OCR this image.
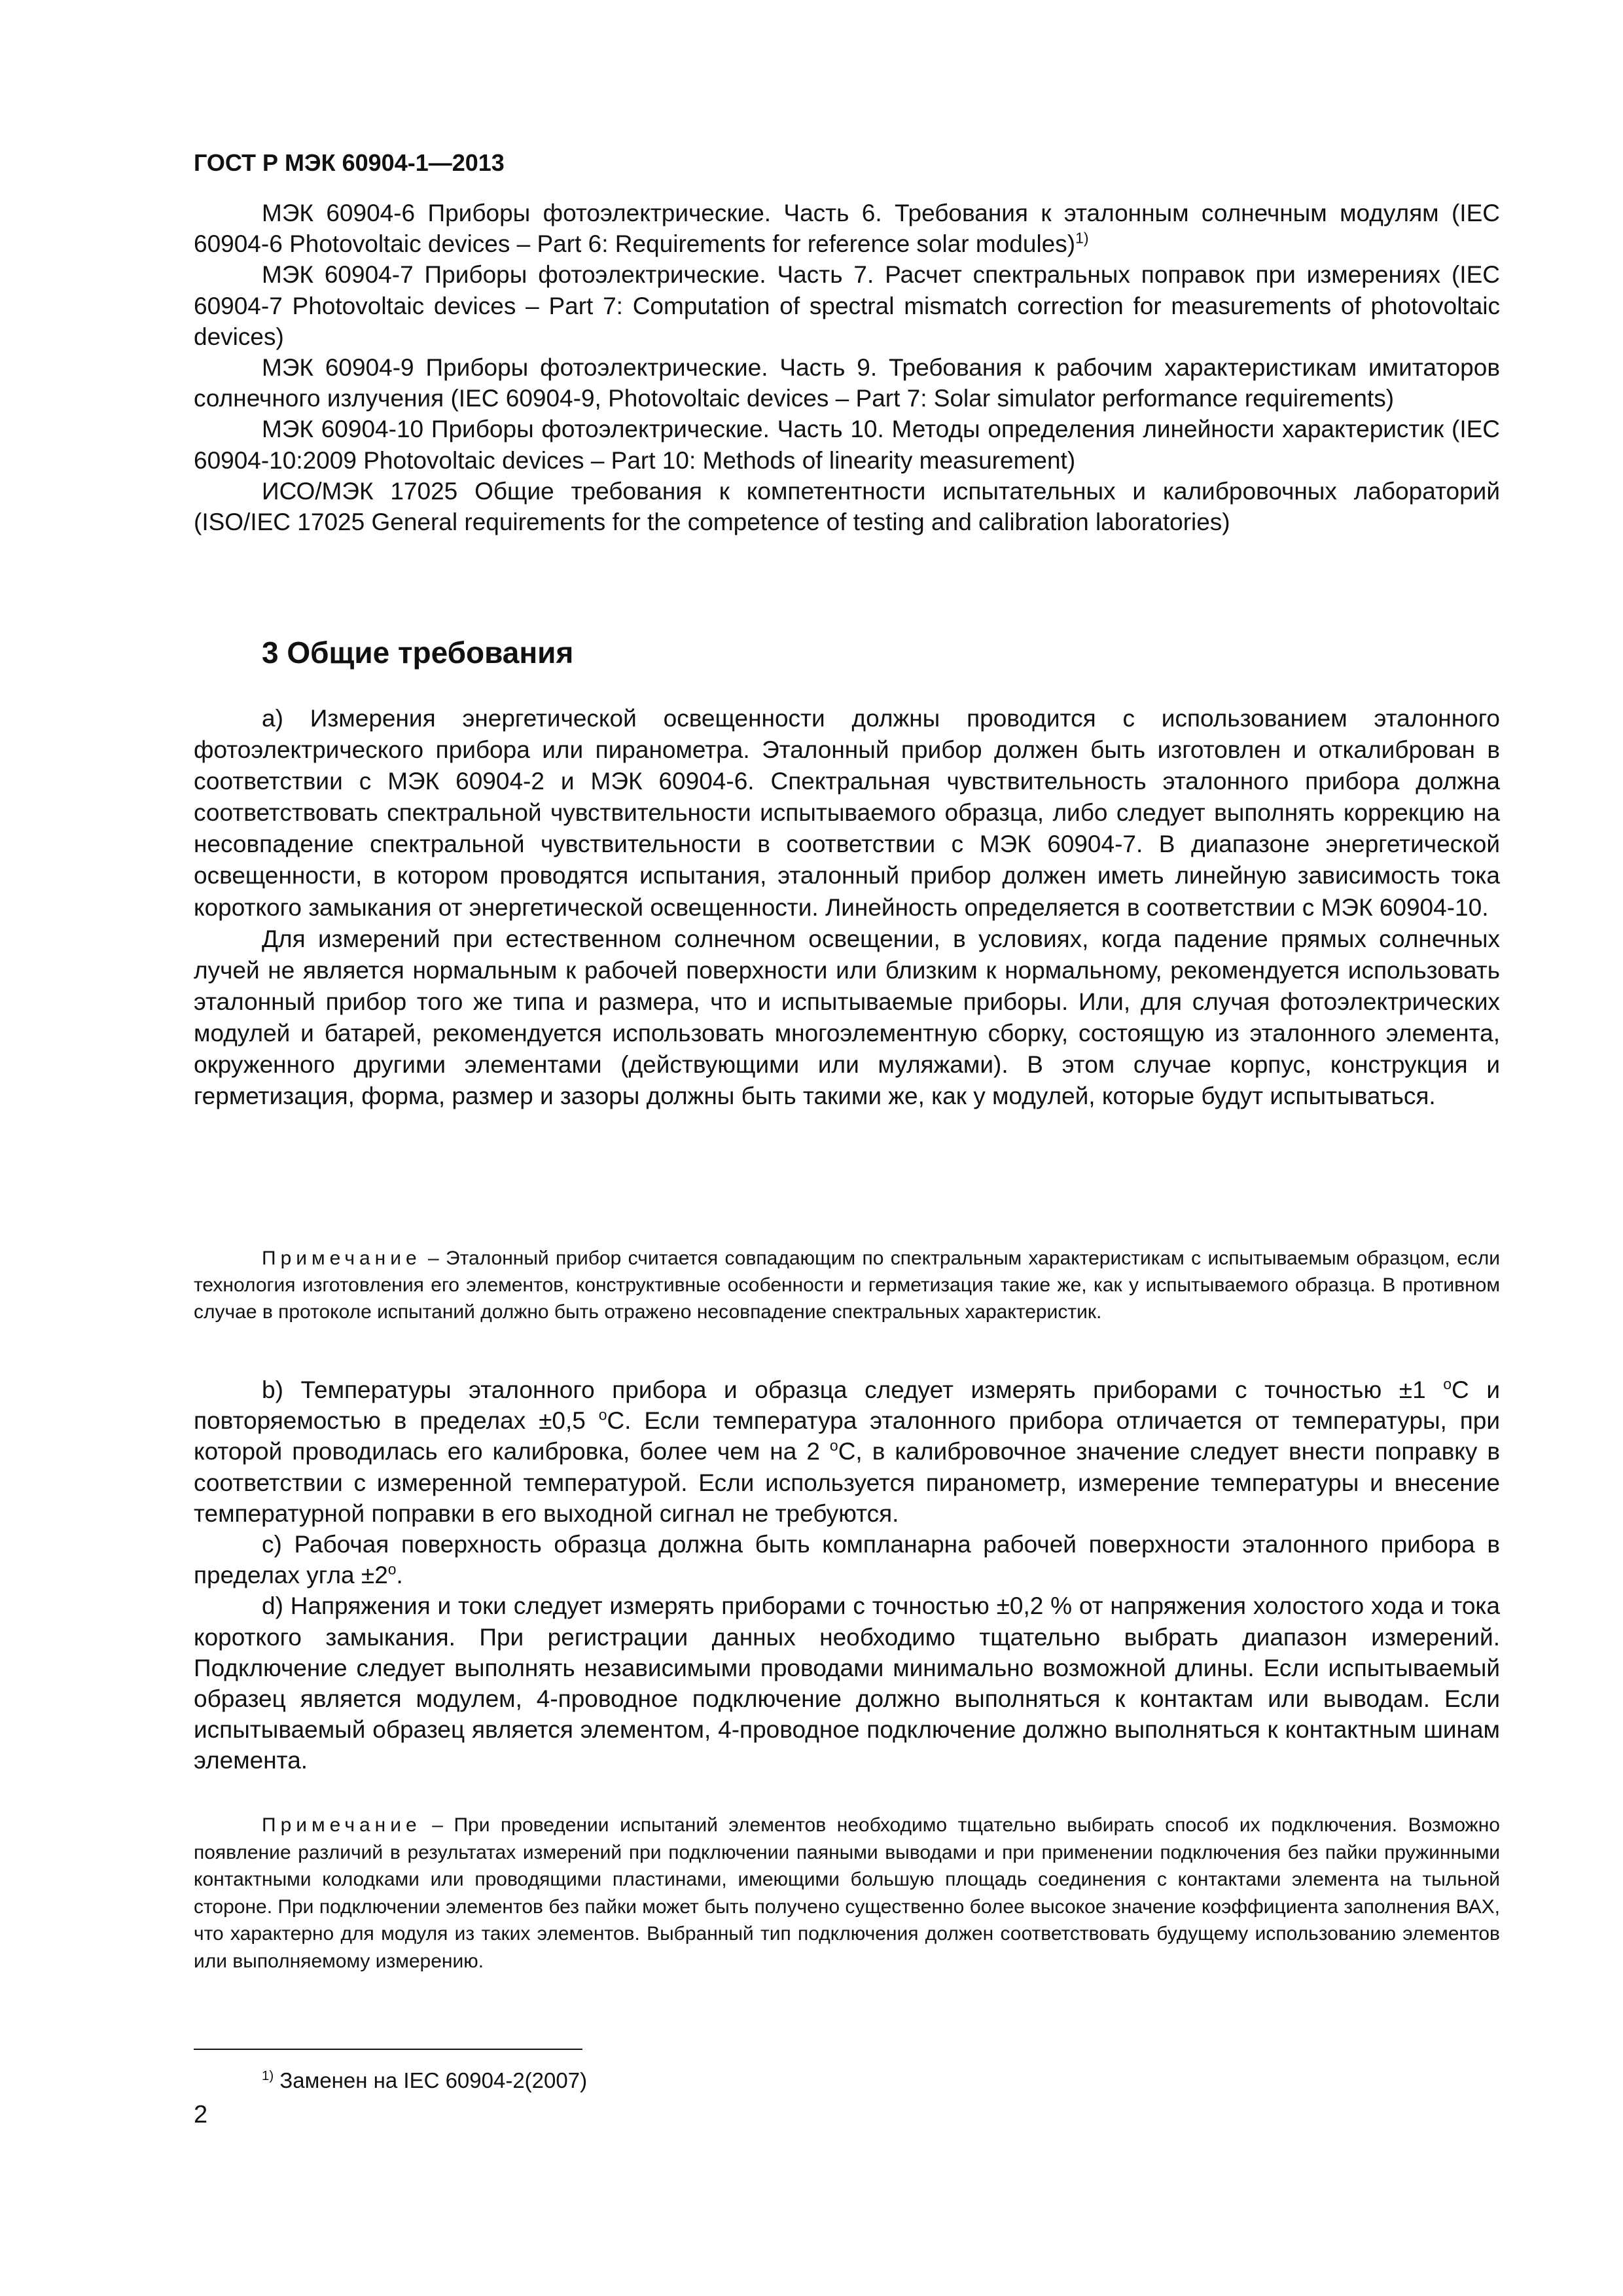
ГОСТ Р МЭК 60904-1—2013

МЭК 60904-6 Приборы фотоэлектрические. Часть 6. Требования к эталонным солнечным модулям (IEC 60904-6 Photovoltaic devices – Part 6: Requirements for reference solar modules)$^{1)}$

МЭК 60904-7 Приборы фотоэлектрические. Часть 7. Расчет спектральных поправок при измерениях (IEC 60904-7 Photovoltaic devices – Part 7: Computation of spectral mismatch correction for measurements of photovoltaic devices)

МЭК 60904-9 Приборы фотоэлектрические. Часть 9. Требования к рабочим характеристикам имитаторов солнечного излучения (IEC 60904-9, Photovoltaic devices – Part 7: Solar simulator performance requirements)

МЭК 60904-10 Приборы фотоэлектрические. Часть 10. Методы определения линейности характеристик (IEC 60904-10:2009 Photovoltaic devices – Part 10: Methods of linearity measurement)

ИСО/МЭК 17025 Общие требования к компетентности испытательных и калибровочных лабораторий (ISO/IEC 17025 General requirements for the competence of testing and calibration laboratories)

3 Общие требования

a) Измерения энергетической освещенности должны проводится с использованием эталонного фотоэлектрического прибора или пиранометра. Эталонный прибор должен быть изготовлен и откалиброван в соответствии с МЭК 60904-2 и МЭК 60904-6. Спектральная чувствительность эталонного прибора должна соответствовать спектральной чувствительности испытываемого образца, либо следует выполнять коррекцию на несовпадение спектральной чувствительности в соответствии с МЭК 60904-7. В диапазоне энергетической освещенности, в котором проводятся испытания, эталонный прибор должен иметь линейную зависимость тока короткого замыкания от энергетической освещенности. Линейность определяется в соответствии с МЭК 60904-10.

Для измерений при естественном солнечном освещении, в условиях, когда падение прямых солнечных лучей не является нормальным к рабочей поверхности или близким к нормальному, рекомендуется использовать эталонный прибор того же типа и размера, что и испытываемые приборы. Или, для случая фотоэлектрических модулей и батарей, рекомендуется использовать многоэлементную сборку, состоящую из эталонного элемента, окруженного другими элементами (действующими или муляжами). В этом случае корпус, конструкция и герметизация, форма, размер и зазоры должны быть такими же, как у модулей, которые будут испытываться.

Примечание – Эталонный прибор считается совпадающим по спектральным характеристикам с испытываемым образцом, если технология изготовления его элементов, конструктивные особенности и герметизация такие же, как у испытываемого образца. В противном случае в протоколе испытаний должно быть отражено несовпадение спектральных характеристик.

b) Температуры эталонного прибора и образца следует измерять приборами с точностью ±1 $^o$С и повторяемостью в пределах ±0,5 $^o$С. Если температура эталонного прибора отличается от температуры, при которой проводилась его калибровка, более чем на 2 $^o$С, в калибровочное значение следует внести поправку в соответствии с измеренной температурой. Если используется пиранометр, измерение температуры и внесение температурной поправки в его выходной сигнал не требуются.

c) Рабочая поверхность образца должна быть компланарна рабочей поверхности эталонного прибора в пределах угла $\pm 2^o$.

d) Напряжения и токи следует измерять приборами с точностью ±0,2 % от напряжения холостого хода и тока короткого замыкания. При регистрации данных необходимо тщательно выбрать диапазон измерений. Подключение следует выполнять независимыми проводами минимально возможной длины. Если испытываемый образец является модулем, 4-проводное подключение должно выполняться к контактам или выводам. Если испытываемый образец является элементом, 4-проводное подключение должно выполняться к контактным шинам элемента.

Примечание – При проведении испытаний элементов необходимо тщательно выбирать способ их подключения. Возможно появление различий в результатах измерений при подключении паяными выводами и при применении подключения без пайки пружинными контактными колодками или проводящими пластинами, имеющими большую площадь соединения с контактами элемента на тыльной стороне. При подключении элементов без пайки может быть получено существенно более высокое значение коэффициента заполнения ВАХ, что характерно для модуля из таких элементов. Выбранный тип подключения должен соответствовать будущему использованию элементов или выполняемому измерению.

$^{1)}$ Заменен на IEC 60904-2(2007)
2
